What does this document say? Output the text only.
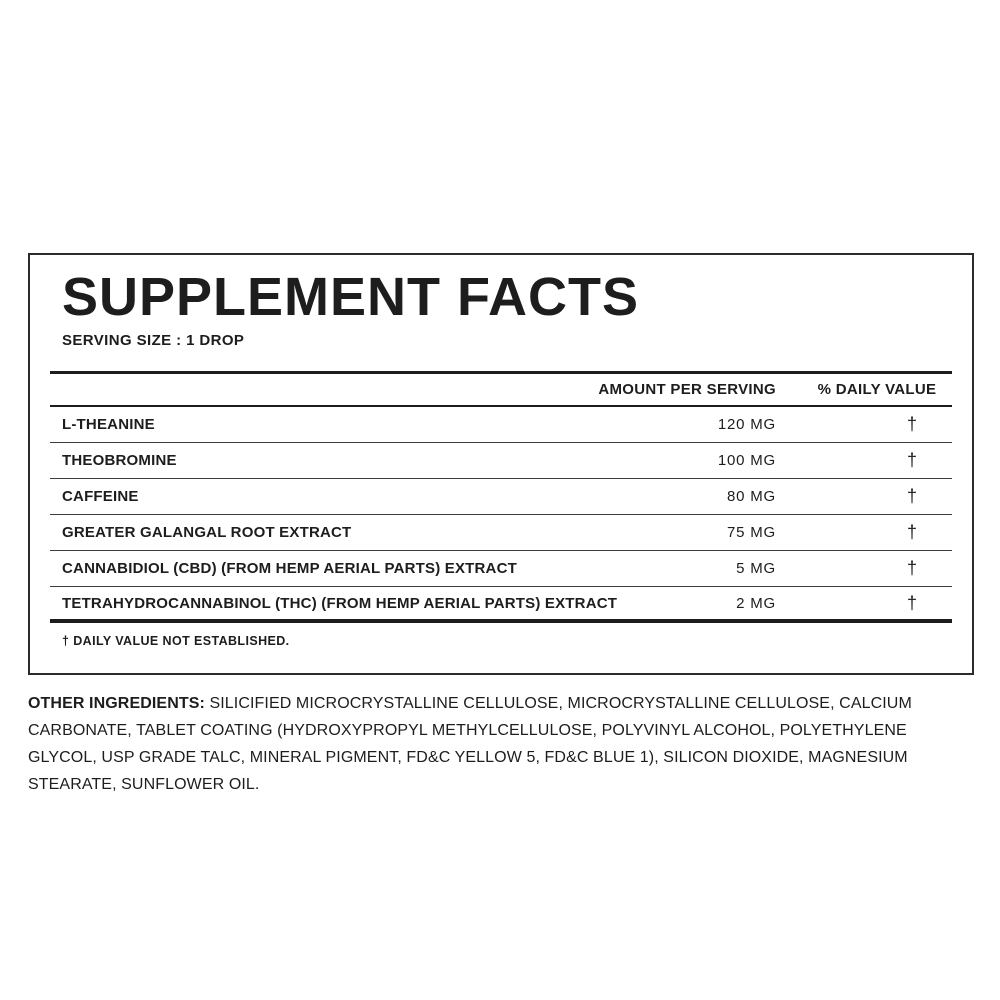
SUPPLEMENT FACTS
SERVING SIZE : 1 DROP
AMOUNT PER SERVING	% DAILY VALUE
L-THEANINE	120 MG	†
THEOBROMINE	100 MG	†
CAFFEINE	80 MG	†
GREATER GALANGAL ROOT EXTRACT	75 MG	†
CANNABIDIOL (CBD) (FROM HEMP AERIAL PARTS) EXTRACT	5 MG	†
TETRAHYDROCANNABINOL (THC) (FROM HEMP AERIAL PARTS) EXTRACT	2 MG	†
† DAILY VALUE NOT ESTABLISHED.

OTHER INGREDIENTS: SILICIFIED MICROCRYSTALLINE CELLULOSE, MICROCRYSTALLINE CELLULOSE, CALCIUM CARBONATE, TABLET COATING (HYDROXYPROPYL METHYLCELLULOSE, POLYVINYL ALCOHOL, POLYETHYLENE GLYCOL, USP GRADE TALC, MINERAL PIGMENT, FD&C YELLOW 5, FD&C BLUE 1), SILICON DIOXIDE, MAGNESIUM STEARATE, SUNFLOWER OIL.
